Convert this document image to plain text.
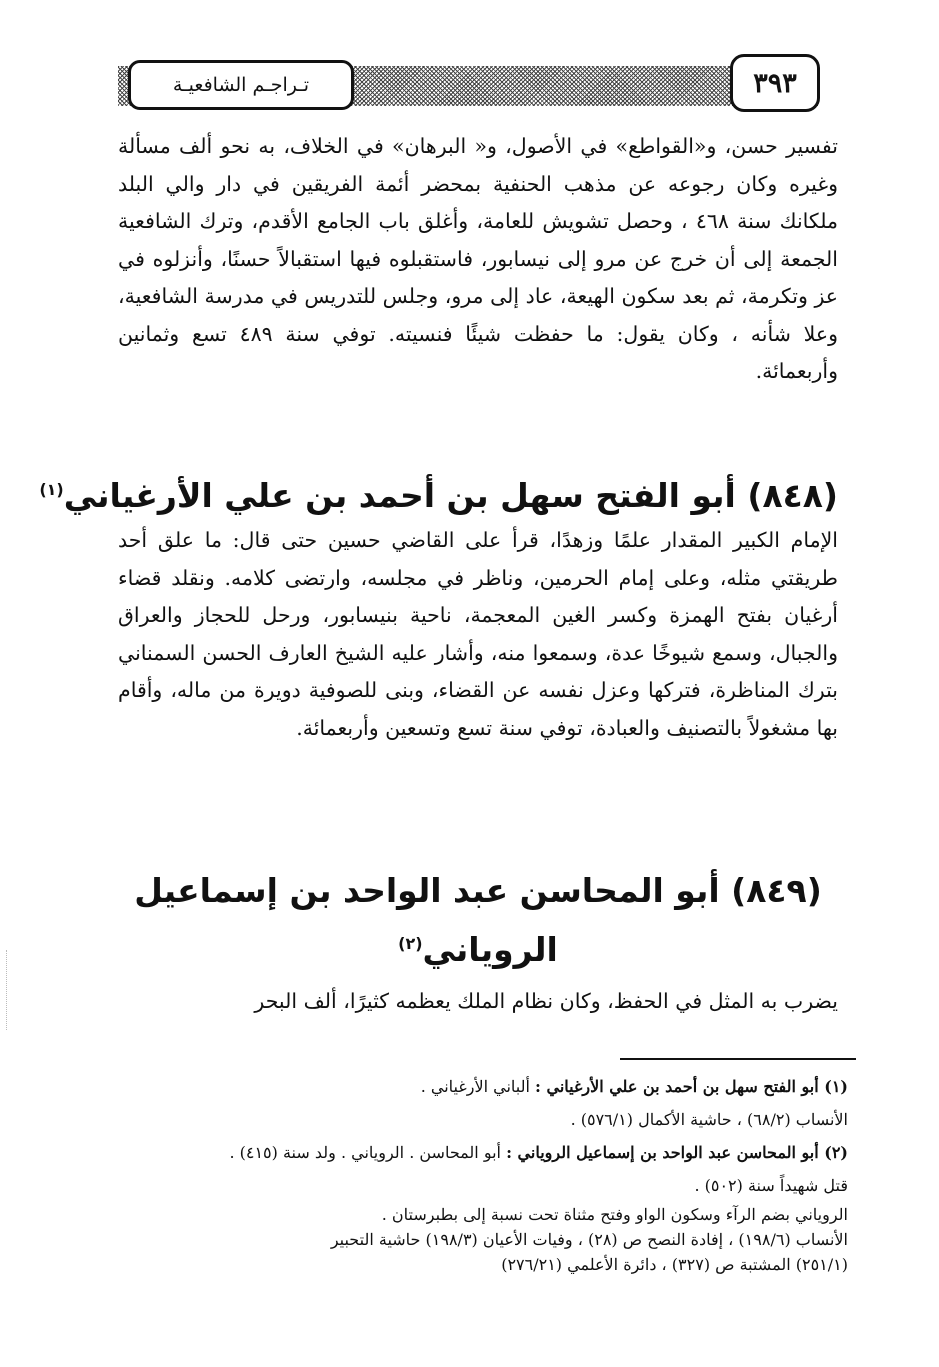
تـراجـم الشافعيـة	٣٩٣

تفسير حسن، و«القواطع» في الأصول، و« البرهان» في الخلاف، به نحو ألف مسألة وغيره وكان رجوعه عن مذهب الحنفية بمحضر أئمة الفريقين في دار والي البلد ملكانك سنة ٤٦٨ ، وحصل تشويش للعامة، وأغلق باب الجامع الأقدم، وترك الشافعية الجمعة إلى أن خرج عن مرو إلى نيسابور، فاستقبلوه فيها استقبالاً حسنًا، وأنزلوه في عز وتكرمة، ثم بعد سكون الهيعة، عاد إلى مرو، وجلس للتدريس في مدرسة الشافعية، وعلا شأنه ، وكان يقول: ما حفظت شيئًا فنسيته. توفي سنة ٤٨٩ تسع وثمانين وأربعمائة.

(٨٤٨) أبو الفتح سهل بن أحمد بن علي الأرغياني$^{(١)}$

الإمام الكبير المقدار علمًا وزهدًا، قرأ على القاضي حسين حتى قال: ما علق أحد طريقتي مثله، وعلى إمام الحرمين، وناظر في مجلسه، وارتضى كلامه. ونقلد قضاء أرغيان بفتح الهمزة وكسر الغين المعجمة، ناحية بنيسابور، ورحل للحجاز والعراق والجبال، وسمع شيوخًا عدة، وسمعوا منه، وأشار عليه الشيخ العارف الحسن السمناني بترك المناظرة، فتركها وعزل نفسه عن القضاء، وبنى للصوفية دويرة من ماله، وأقام بها مشغولاً بالتصنيف والعبادة، توفي سنة تسع وتسعين وأربعمائة.

(٨٤٩) أبو المحاسن عبد الواحد بن إسماعيل
الروياني$^{(٢)}$

يضرب به المثل في الحفظ، وكان نظام الملك يعظمه كثيرًا، ألف البحر

(١) أبو الفتح سهل بن أحمد بن علي الأرغياني : ألباني الأرغياني .

الأنساب (٦٨/٢) ، حاشية الأكمال (٥٧٦/١) .

(٢) أبو المحاسن عبد الواحد بن إسماعيل الروياني : أبو المحاسن . الروياني . ولد سنة (٤١٥) .

قتل شهيداً سنة (٥٠٢) .

الروياني بضم الرآء وسكون الواو وفتح مثناة تحت نسبة إلى بطبرستان .

الأنساب (١٩٨/٦) ، إفادة النصح ص (٢٨) ، وفيات الأعيان (١٩٨/٣) حاشية التحبير

(٢٥١/١) المشتبة ص (٣٢٧) ، دائرة الأعلمي (٢٧٦/٢١)
